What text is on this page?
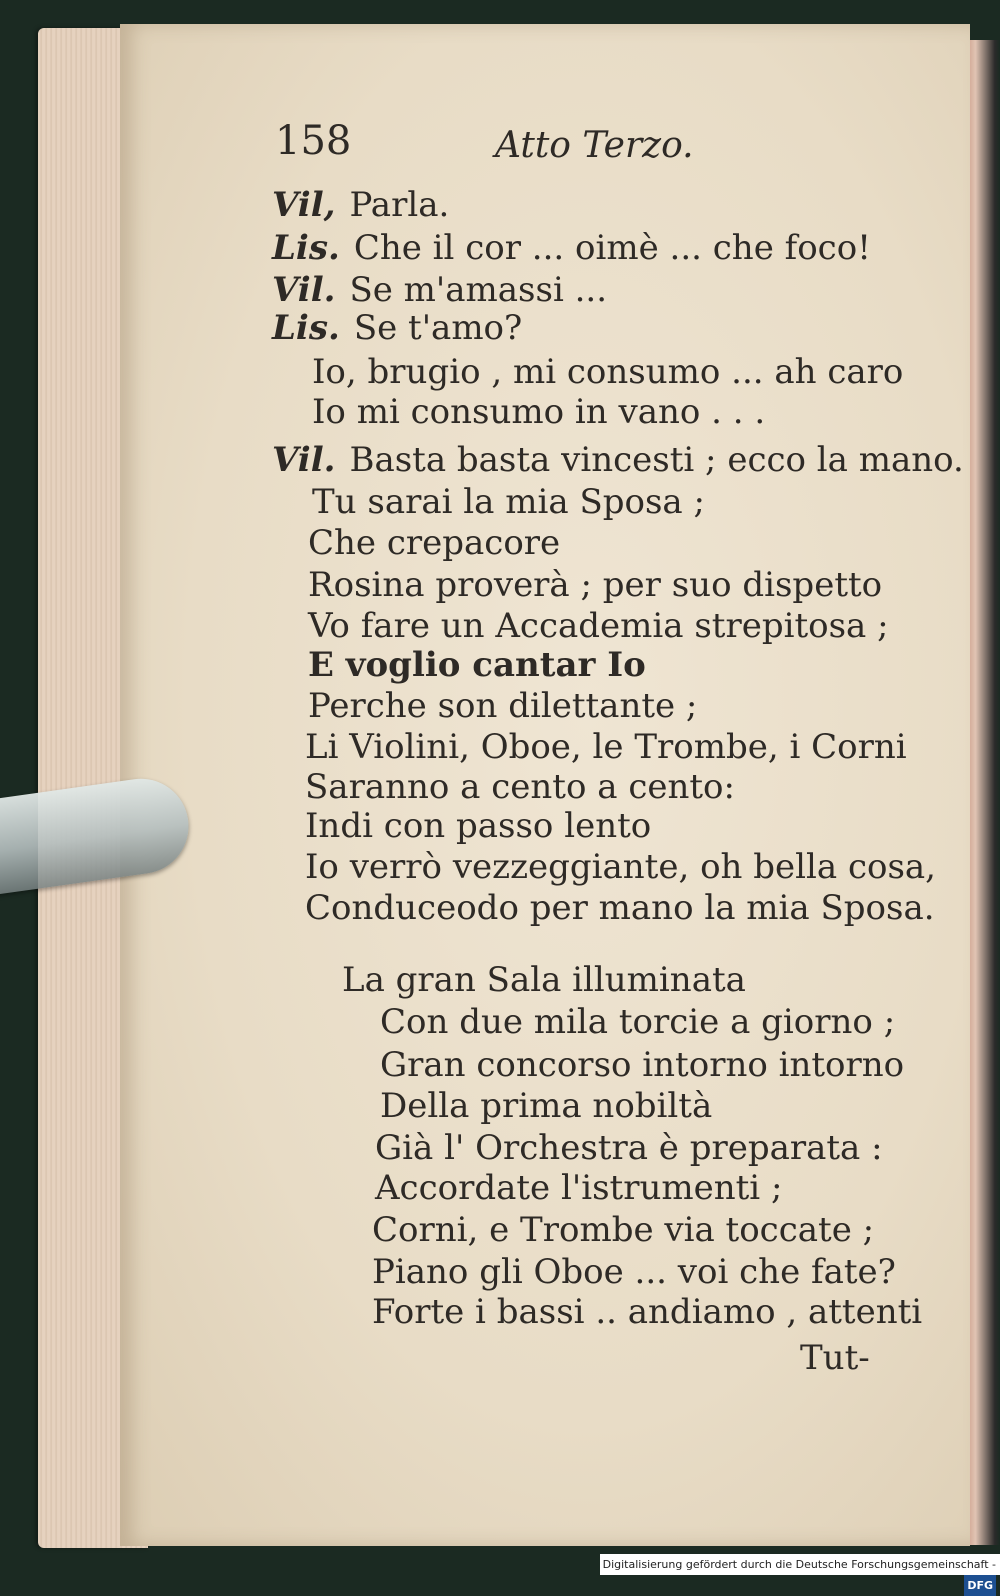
158	Atto Terzo.
Vil, Parla.
Lis. Che il cor ... oimè ... che foco!
Vil. Se m'amassi ...
Lis. Se t'amo?
Io, brugio , mi consumo ... ah caro
Io mi consumo in vano . . .
Vil. Basta basta vincesti ; ecco la mano.
Tu sarai la mia Sposa ;
Che crepacore
Rosina proverà ; per suo dispetto
Vo fare un Accademia strepitosa ;
E voglio cantar Io
Perche son dilettante ;
Li Violini, Oboe, le Trombe, i Corni
Saranno a cento a cento:
Indi con passo lento
Io verrò vezzeggiante, oh bella cosa,
Conduceodo per mano la mia Sposa.
La gran Sala illuminata
Con due mila torcie a giorno ;
Gran concorso intorno intorno
Della prima nobiltà
Già l' Orchestra è preparata :
Accordate l'istrumenti ;
Corni, e Trombe via toccate ;
Piano gli Oboe ... voi che fate?
Forte i bassi .. andiamo , attenti
Tut-
Digitalisierung gefördert durch die Deutsche Forschungsgemeinschaft -DFG
